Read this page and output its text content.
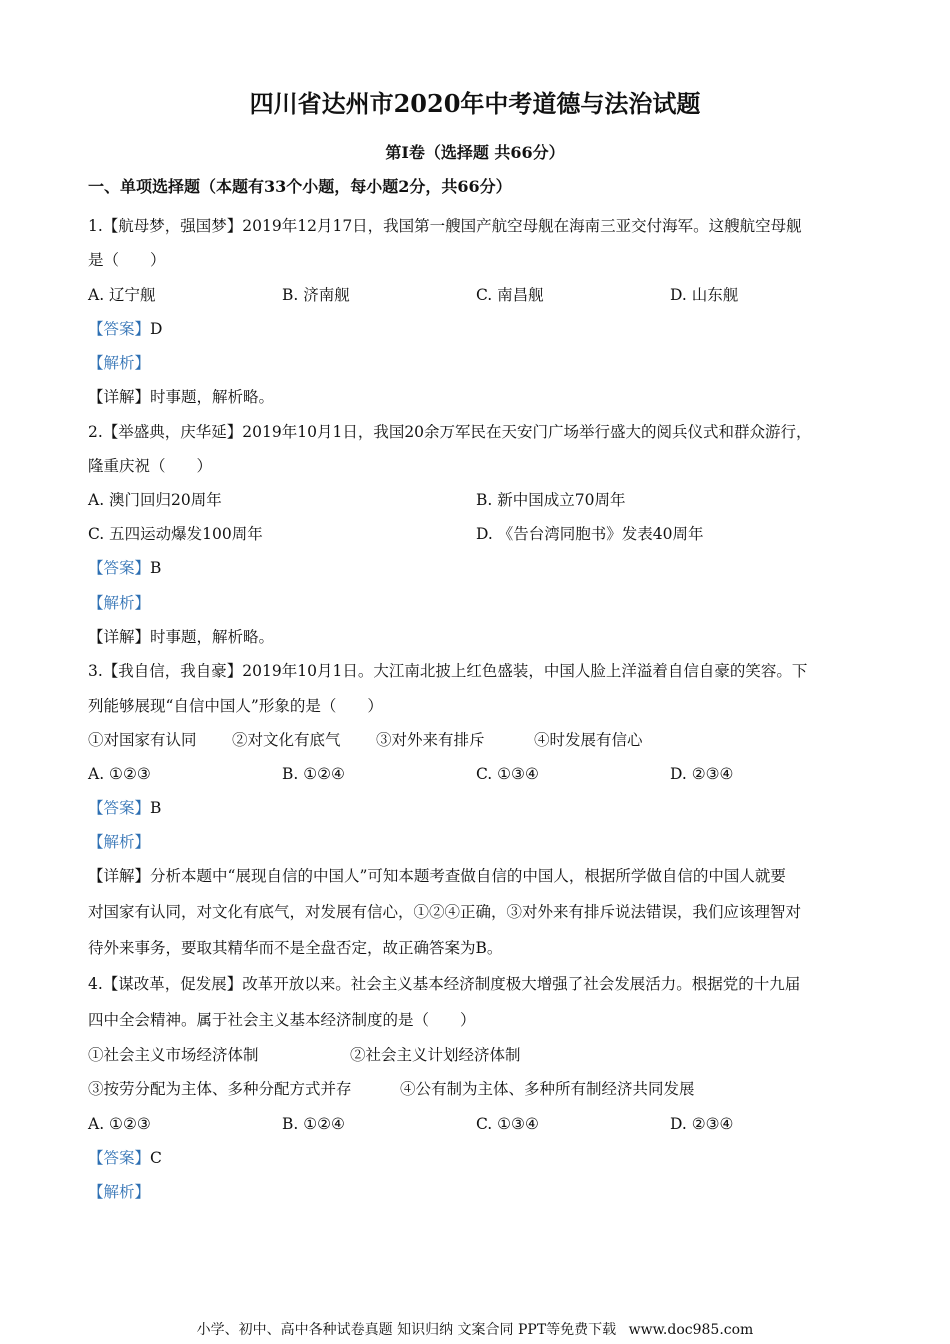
四川省达州市2020年中考道德与法治试题
第I卷（选择题 共66分）
一、单项选择题（本题有33个小题，每小题2分，共66分）
1.【航母梦，强国梦】2019年12月17日，我国第一艘国产航空母舰在海南三亚交付海军。这艘航空母舰
是（　　）
A. 辽宁舰	B. 济南舰	C. 南昌舰	D. 山东舰
【答案】D
【解析】
【详解】时事题，解析略。
2.【举盛典，庆华延】2019年10月1日，我国20余万军民在天安门广场举行盛大的阅兵仪式和群众游行，
隆重庆祝（　　）
A. 澳门回归20周年	B. 新中国成立70周年
C. 五四运动爆发100周年	D. 《告台湾同胞书》发表40周年
【答案】B
【解析】
【详解】时事题，解析略。
3.【我自信，我自豪】2019年10月1日。大江南北披上红色盛装，中国人脸上洋溢着自信自豪的笑容。下
列能够展现“自信中国人”形象的是（　　）
①对国家有认同 ②对文化有底气 ③对外来有排斥	④时发展有信心
A. ①②③	B. ①②④	C. ①③④	D. ②③④
【答案】B
【解析】
【详解】分析本题中“展现自信的中国人”可知本题考查做自信的中国人，根据所学做自信的中国人就要
对国家有认同，对文化有底气，对发展有信心，①②④正确，③对外来有排斥说法错误，我们应该理智对
待外来事务，要取其精华而不是全盘否定，故正确答案为B。
4.【谋改革，促发展】改革开放以来。社会主义基本经济制度极大增强了社会发展活力。根据党的十九届
四中全会精神。属于社会主义基本经济制度的是（　　）
①社会主义市场经济体制	②社会主义计划经济体制
③按劳分配为主体、多种分配方式并存	④公有制为主体、多种所有制经济共同发展
A. ①②③	B. ①②④	C. ①③④	D. ②③④
【答案】C
【解析】
小学、初中、高中各种试卷真题 知识归纳 文案合同 PPT等免费下载 www.doc985.com
